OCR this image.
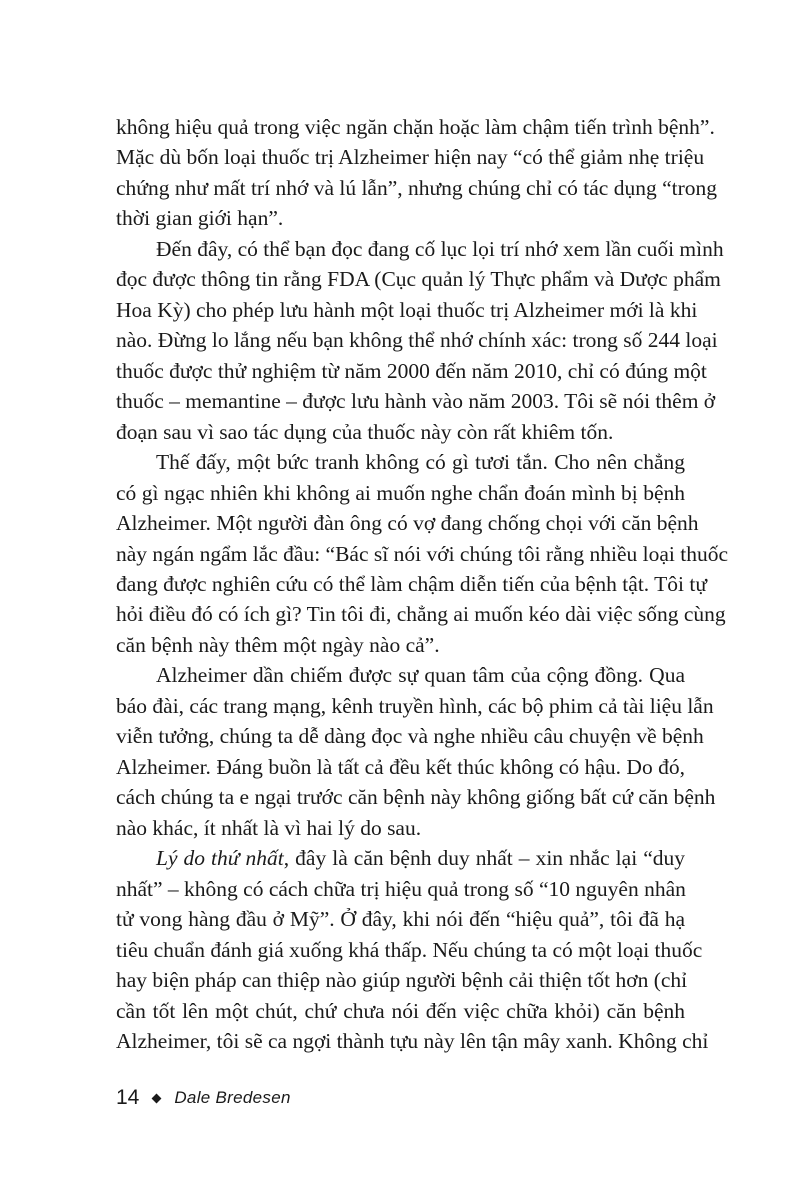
không hiệu quả trong việc ngăn chặn hoặc làm chậm tiến trình bệnh”.
Mặc dù bốn loại thuốc trị Alzheimer hiện nay “có thể giảm nhẹ triệu
chứng như mất trí nhớ và lú lẫn”, nhưng chúng chỉ có tác dụng “trong
thời gian giới hạn”.
Đến đây, có thể bạn đọc đang cố lục lọi trí nhớ xem lần cuối mình
đọc được thông tin rằng FDA (Cục quản lý Thực phẩm và Dược phẩm
Hoa Kỳ) cho phép lưu hành một loại thuốc trị Alzheimer mới là khi
nào. Đừng lo lắng nếu bạn không thể nhớ chính xác: trong số 244 loại
thuốc được thử nghiệm từ năm 2000 đến năm 2010, chỉ có đúng một
thuốc – memantine – được lưu hành vào năm 2003. Tôi sẽ nói thêm ở
đoạn sau vì sao tác dụng của thuốc này còn rất khiêm tốn.
Thế đấy, một bức tranh không có gì tươi tắn. Cho nên chẳng
có gì ngạc nhiên khi không ai muốn nghe chẩn đoán mình bị bệnh
Alzheimer. Một người đàn ông có vợ đang chống chọi với căn bệnh
này ngán ngẩm lắc đầu: “Bác sĩ nói với chúng tôi rằng nhiều loại thuốc
đang được nghiên cứu có thể làm chậm diễn tiến của bệnh tật. Tôi tự
hỏi điều đó có ích gì? Tin tôi đi, chẳng ai muốn kéo dài việc sống cùng
căn bệnh này thêm một ngày nào cả”.
Alzheimer dần chiếm được sự quan tâm của cộng đồng. Qua
báo đài, các trang mạng, kênh truyền hình, các bộ phim cả tài liệu lẫn
viễn tưởng, chúng ta dễ dàng đọc và nghe nhiều câu chuyện về bệnh
Alzheimer. Đáng buồn là tất cả đều kết thúc không có hậu. Do đó,
cách chúng ta e ngại trước căn bệnh này không giống bất cứ căn bệnh
nào khác, ít nhất là vì hai lý do sau.
Lý do thứ nhất, đây là căn bệnh duy nhất – xin nhắc lại “duy
nhất” – không có cách chữa trị hiệu quả trong số “10 nguyên nhân
tử vong hàng đầu ở Mỹ”. Ở đây, khi nói đến “hiệu quả”, tôi đã hạ
tiêu chuẩn đánh giá xuống khá thấp. Nếu chúng ta có một loại thuốc
hay biện pháp can thiệp nào giúp người bệnh cải thiện tốt hơn (chỉ
cần tốt lên một chút, chứ chưa nói đến việc chữa khỏi) căn bệnh
Alzheimer, tôi sẽ ca ngợi thành tựu này lên tận mây xanh. Không chỉ
14 Dale Bredesen
